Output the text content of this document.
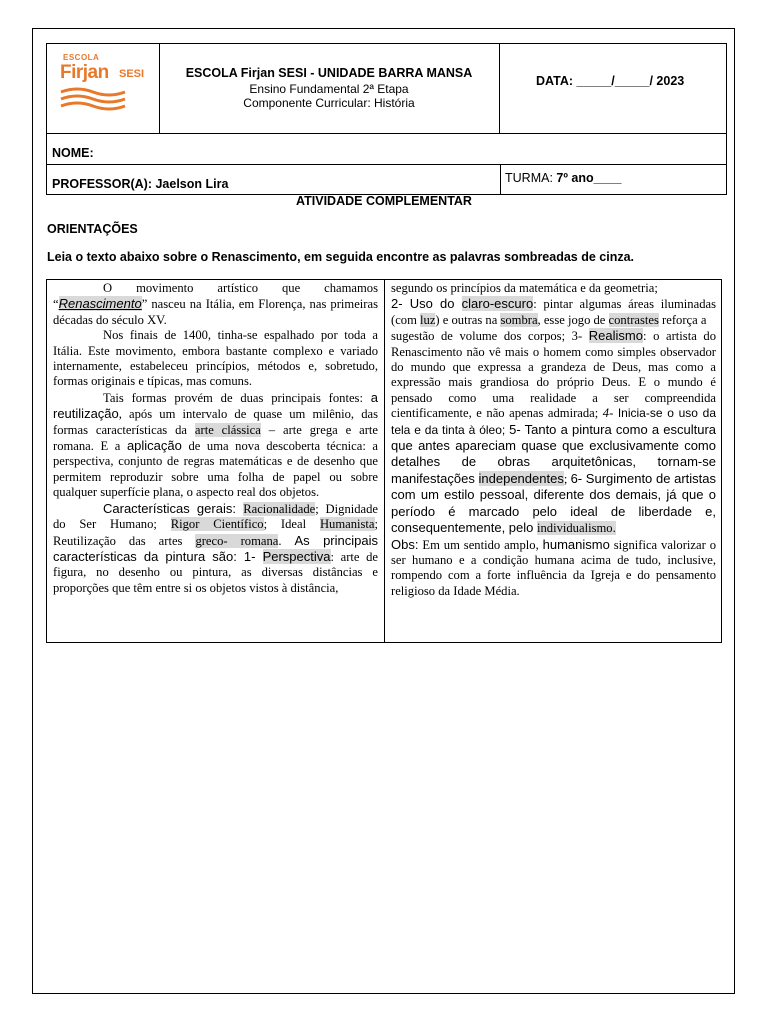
ESCOLA
Firjan SESI	ESCOLA Firjan SESI - UNIDADE BARRA MANSA
Ensino Fundamental 2ª Etapa
Componente Curricular: História
DATA: _____/_____/ 2023
NOME:
PROFESSOR(A): Jaelson Lira	TURMA: 7º ano____
ATIVIDADE COMPLEMENTAR
ORIENTAÇÕES
Leia o texto abaixo sobre o Renascimento, em seguida encontre as palavras sombreadas de cinza.

O movimento artístico que chamamos “Renascimento” nasceu na Itália, em Florença, nas primeiras décadas do século XV.

Nos finais de 1400, tinha-se espalhado por toda a Itália. Este movimento, embora bastante complexo e variado internamente, estabeleceu princípios, métodos e, sobretudo, formas originais e típicas, mas comuns.

Tais formas provém de duas principais fontes: a reutilização, após um intervalo de quase um milênio, das formas características da arte clássica – arte grega e arte romana. E a aplicação de uma nova descoberta técnica: a perspectiva, conjunto de regras matemáticas e de desenho que permitem reproduzir sobre uma folha de papel ou sobre qualquer superfície plana, o aspecto real dos objetos.

Características gerais: Racionalidade; Dignidade do Ser Humano; Rigor Científico; Ideal Humanista; Reutilização das artes greco- romana. As principais características da pintura são: 1- Perspectiva: arte de figura, no desenho ou pintura, as diversas distâncias e proporções que têm entre si os objetos vistos à distância,

segundo os princípios da matemática e da geometria;

2- Uso do claro-escuro: pintar algumas áreas iluminadas (com luz) e outras na sombra, esse jogo de contrastes reforça a

sugestão de volume dos corpos; 3- Realismo: o artista do Renascimento não vê mais o homem como simples observador do mundo que expressa a grandeza de Deus, mas como a expressão mais grandiosa do próprio Deus. E o mundo é pensado como uma realidade a ser compreendida cientificamente, e não apenas admirada; 4- Inicia-se o uso da tela e da tinta à óleo; 5- Tanto a pintura como a escultura que antes apareciam quase que exclusivamente como detalhes de obras arquitetônicas, tornam-se manifestações independentes; 6- Surgimento de artistas com um estilo pessoal, diferente dos demais, já que o período é marcado pelo ideal de liberdade e, consequentemente, pelo individualismo.

Obs: Em um sentido amplo, humanismo significa valorizar o ser humano e a condição humana acima de tudo, inclusive, rompendo com a forte influência da Igreja e do pensamento religioso da Idade Média.
